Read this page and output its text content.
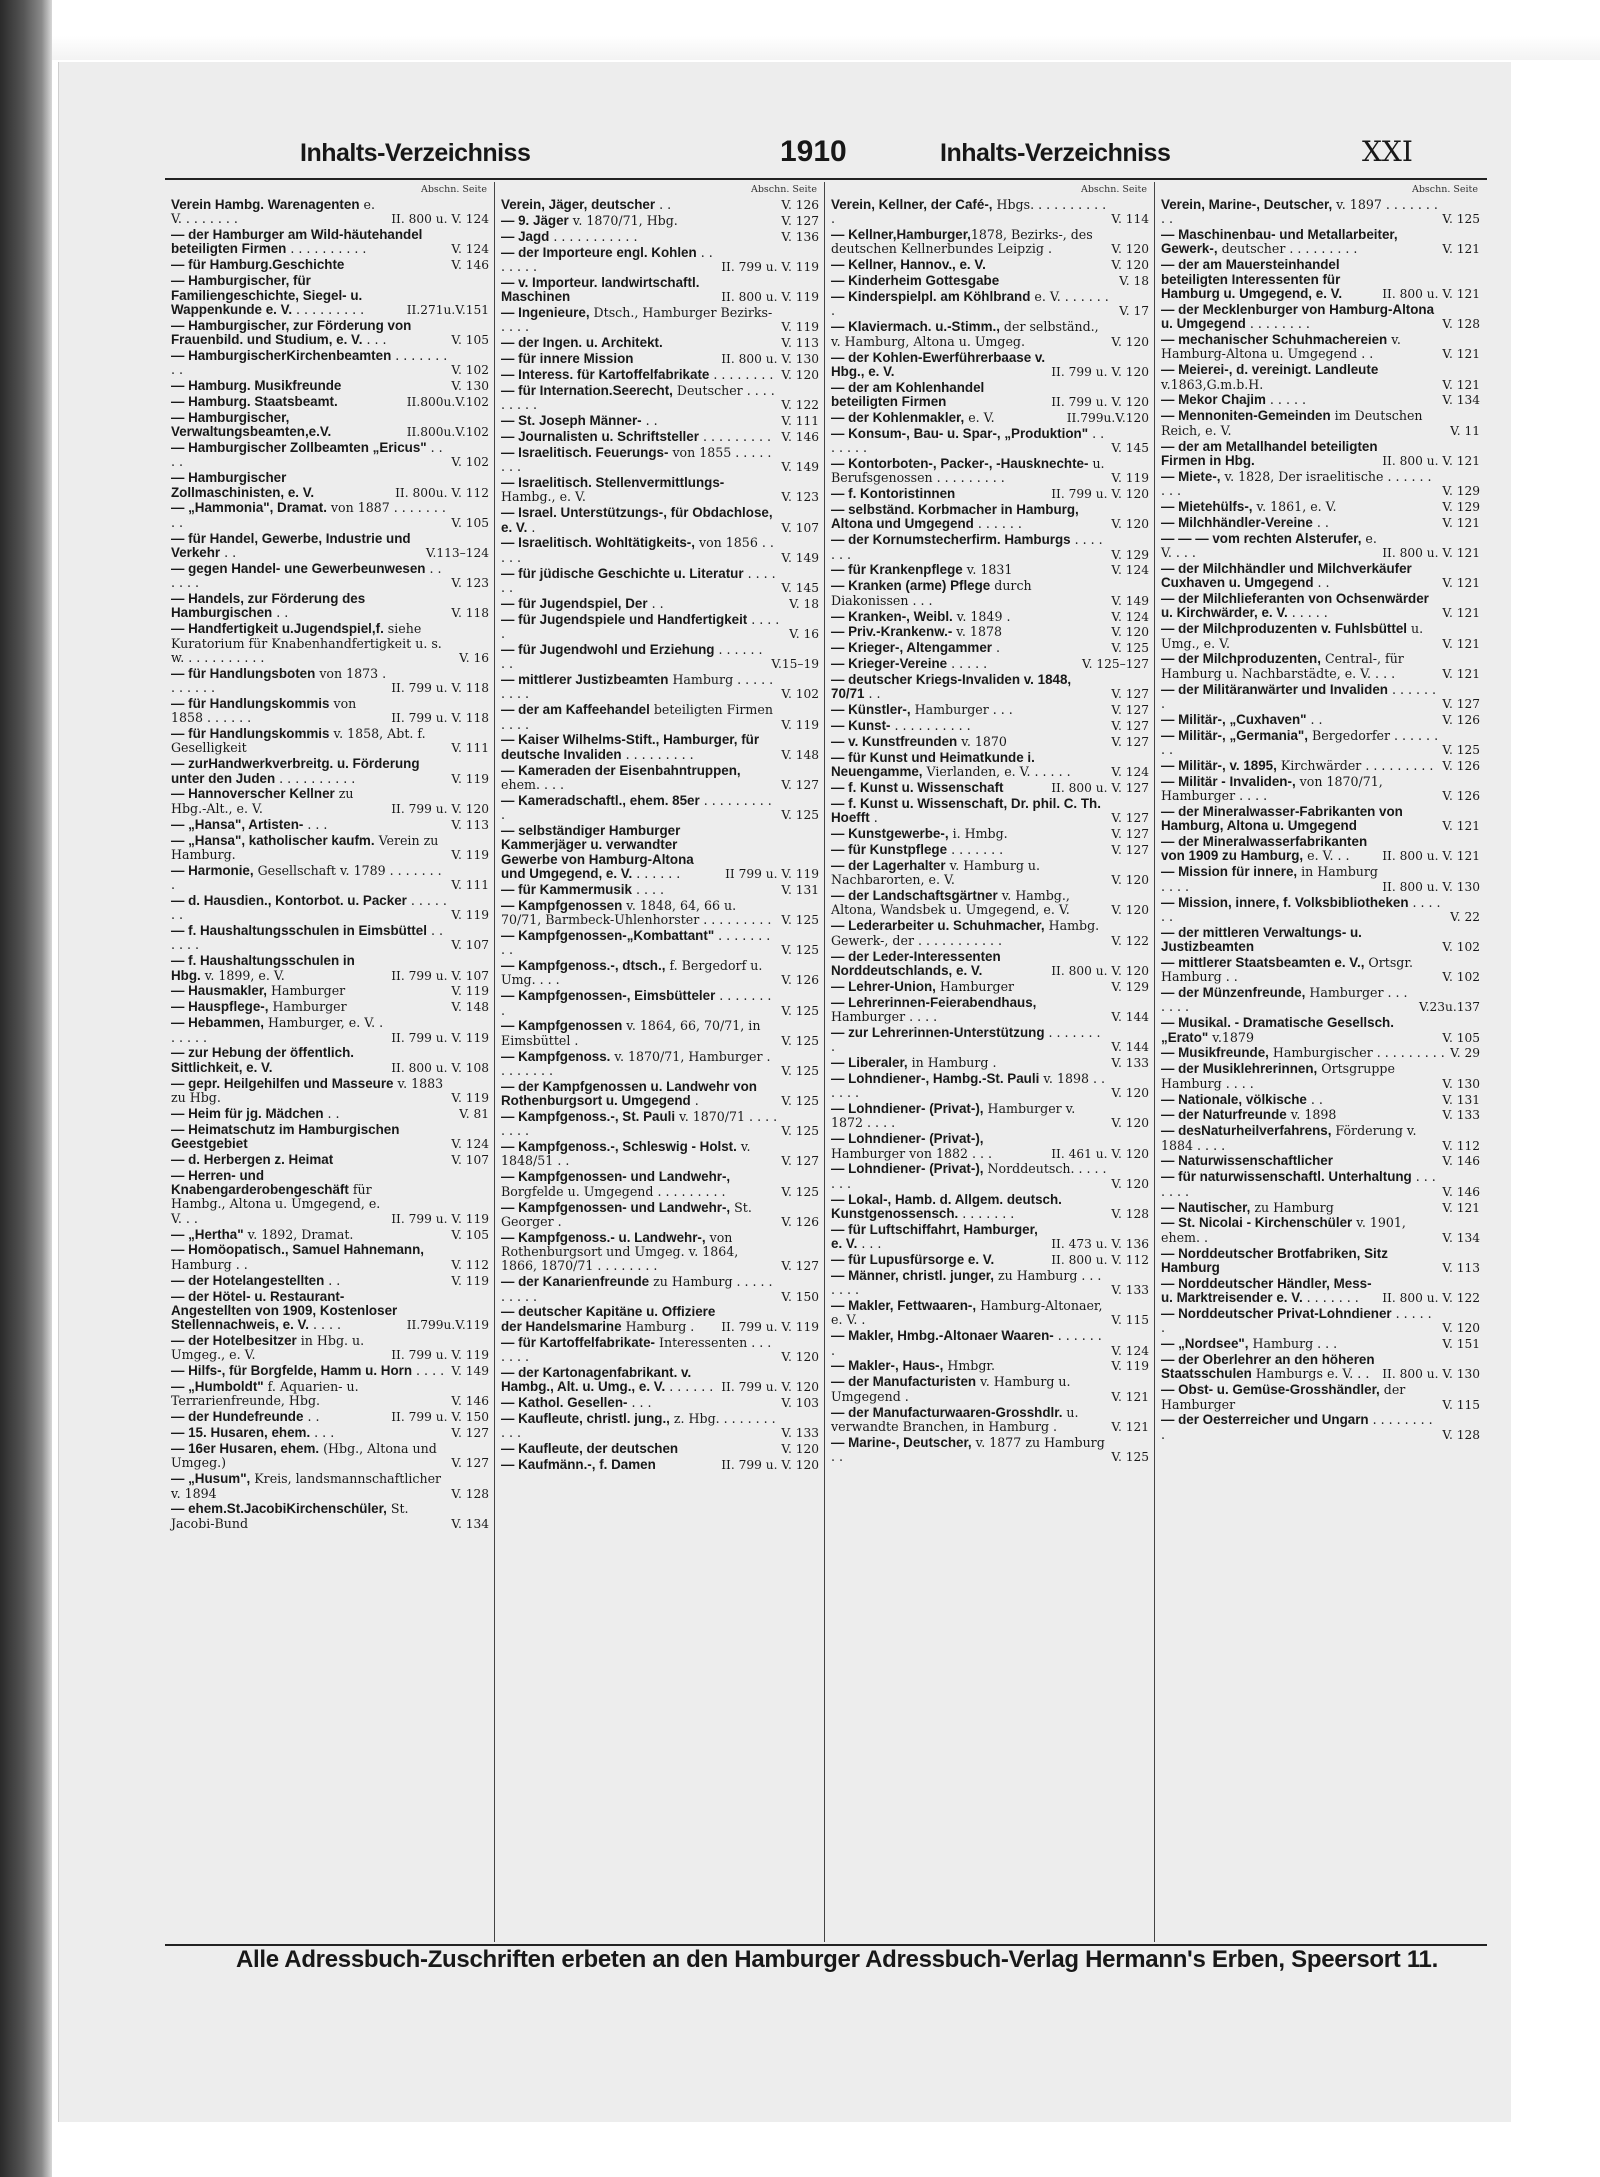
Inhalts-Verzeichniss	1910	Inhalts-Verzeichniss	XXI
Abschn. Seite
Verein Hambg. Warenagenten e. V. . . . . . . .	II. 800 u. V. 124
— der Hamburger am Wild-häutehandel beteiligten Firmen . . . . . . . . . .	V. 124
— für Hamburg.Geschichte	V. 146
— Hamburgischer, für Familiengeschichte, Siegel- u. Wappenkunde e. V. . . . . . . . . .	II.271u.V.151
— Hamburgischer, zur Förderung von Frauenbild. und Studium, e. V. . . .	V. 105
— HamburgischerKirchenbeamten . . . . . . . . .	V. 102
— Hamburg. Musikfreunde	V. 130
— Hamburg. Staatsbeamt.	II.800u.V.102
— Hamburgischer, Verwaltungsbeamten,e.V.	II.800u.V.102
— Hamburgischer Zollbeamten „Ericus" . . . .	V. 102
— Hamburgischer Zollmaschinisten, e. V.	II. 800u. V. 112
— „Hammonia", Dramat. von 1887 . . . . . . . . .	V. 105
— für Handel, Gewerbe, Industrie und Verkehr . .	V.113–124
— gegen Handel- une Gewerbeunwesen . . . . . .	V. 123
— Handels, zur Förderung des Hamburgischen . .	V. 118
— Handfertigkeit u.Jugendspiel,f. siehe Kuratorium für Knabenhandfertigkeit u. s. w. . . . . . . . . . .	V. 16
— für Handlungsboten von 1873 . . . . . . .	II. 799 u. V. 118
— für Handlungskommis von 1858 . . . . . .	II. 799 u. V. 118
— für Handlungskommis v. 1858, Abt. f. Geselligkeit	V. 111
— zurHandwerkverbreitg. u. Förderung unter den Juden . . . . . . . . . .	V. 119
— Hannoverscher Kellner zu Hbg.-Alt., e. V.	II. 799 u. V. 120
— „Hansa", Artisten- . . .	V. 113
— „Hansa", katholischer kaufm. Verein zu Hamburg.	V. 119
— Harmonie, Gesellschaft v. 1789 . . . . . . . .	V. 111
— d. Hausdien., Kontorbot. u. Packer . . . . . . .	V. 119
— f. Haushaltungsschulen in Eimsbüttel . . . . . .	V. 107
— f. Haushaltungsschulen in Hbg. v. 1899, e. V.	II. 799 u. V. 107
— Hausmakler, Hamburger	V. 119
— Hauspflege-, Hamburger	V. 148
— Hebammen, Hamburger, e. V. . . . . . .	II. 799 u. V. 119
— zur Hebung der öffentlich. Sittlichkeit, e. V.	II. 800 u. V. 108
— gepr. Heilgehilfen und Masseure v. 1883 zu Hbg.	V. 119
— Heim für jg. Mädchen . .	V. 81
— Heimatschutz im Hamburgischen Geestgebiet	V. 124
— d. Herbergen z. Heimat	V. 107
— Herren- und Knabengarderobengeschäft für Hambg., Altona u. Umgegend, e. V. . .	II. 799 u. V. 119
— „Hertha" v. 1892, Dramat.	V. 105
— Homöopatisch., Samuel Hahnemann, Hamburg . .	V. 112
— der Hotelangestellten . .	V. 119
— der Hötel- u. Restaurant-Angestellten von 1909, Kostenloser Stellennachweis, e. V. . . . .	II.799u.V.119
— der Hotelbesitzer in Hbg. u. Umgeg., e. V.	II. 799 u. V. 119
— Hilfs-, für Borgfelde, Hamm u. Horn . . . . V. 149
— „Humboldt" f. Aquarien- u. Terrarienfreunde, Hbg.	V. 146
— der Hundefreunde . .	II. 799 u. V. 150
— 15. Husaren, ehem. . . .	V. 127
— 16er Husaren, ehem. (Hbg., Altona und Umgeg.)	V. 127
— „Husum", Kreis, landsmannschaftlicher v. 1894	V. 128
— ehem.St.JacobiKirchenschüler, St. Jacobi-Bund	V. 134
Abschn. Seite
Verein, Jäger, deutscher . .	V. 126
— 9. Jäger v. 1870/71, Hbg.	V. 127
— Jagd . . . . . . . . . . .	V. 136
— der Importeure engl. Kohlen . . . . . . .	II. 799 u. V. 119
— v. Importeur. landwirtschaftl. Maschinen	II. 800 u. V. 119
— Ingenieure, Dtsch., Hamburger Bezirks- . . . .	V. 119
— der Ingen. u. Architekt.	V. 113
— für innere Mission	II. 800 u. V. 130
— Interess. für Kartoffelfabrikate . . . . . . . . V. 120
— für Internation.Seerecht, Deutscher . . . . . . . . .	V. 122
— St. Joseph Männer- . .	V. 111
— Journalisten u. Schriftsteller . . . . . . . . . V. 146
— Israelitisch. Feuerungs- von 1855 . . . . . . . .	V. 149
— Israelitisch. Stellenvermittlungs- Hambg., e. V.	V. 123
— Israel. Unterstützungs-, für Obdachlose, e. V. .	V. 107
— Israelitisch. Wohltätigkeits-, von 1856 . . . . .	V. 149
— für jüdische Geschichte u. Literatur . . . . . .	V. 145
— für Jugendspiel, Der . .	V. 18
— für Jugendspiele und Handfertigkeit . . . . .	V. 16
— für Jugendwohl und Erziehung . . . . . . . .	V.15–19
— mittlerer Justizbeamten Hamburg . . . . . . . . .	V. 102
— der am Kaffeehandel beteiligten Firmen . . . .	V. 119
— Kaiser Wilhelms-Stift., Hamburger, für deutsche Invaliden . . . . . . . . .	V. 148
— Kameraden der Eisenbahntruppen, ehem. . . .	V. 127
— Kameradschaftl., ehem. 85er . . . . . . . . . .	V. 125
— selbständiger Hamburger Kammerjäger u. verwandter Gewerbe von Hamburg-Altona und Umgegend, e. V. . . . . . .	II 799 u. V. 119
— für Kammermusik . . . .	V. 131
— Kampfgenossen v. 1848, 64, 66 u. 70/71, Barmbeck-Uhlenhorster . . . . . . . . . V. 125
— Kampfgenossen-„Kombattant" . . . . . . . . .	V. 125
— Kampfgenoss.-, dtsch., f. Bergedorf u. Umg. . . .	V. 126
— Kampfgenossen-, Eimsbütteler . . . . . . . .	V. 125
— Kampfgenossen v. 1864, 66, 70/71, in Eimsbüttel .	V. 125
— Kampfgenoss. v. 1870/71, Hamburger . . . . . . . .	V. 125
— der Kampfgenossen u. Landwehr von Rothenburgsort u. Umgegend .	V. 125
— Kampfgenoss.-, St. Pauli v. 1870/71 . . . . . . . .	V. 125
— Kampfgenoss.-, Schleswig - Holst. v. 1848/51 . .	V. 127
— Kampfgenossen- und Landwehr-, Borgfelde u. Umgegend . . . . . . . . .	V. 125
— Kampfgenossen- und Landwehr-, St. Georger .	V. 126
— Kampfgenoss.- u. Landwehr-, von Rothenburgsort und Umgeg. v. 1864, 1866, 1870/71 . . . . . . . .	V. 127
— der Kanarienfreunde zu Hamburg . . . . . . . . . .	V. 150
— deutscher Kapitäne u. Offiziere der Handelsmarine Hamburg .	II. 799 u. V. 119
— für Kartoffelfabrikate- Interessenten . . . . . . .	V. 120
— der Kartonagenfabrikant. v. Hambg., Alt. u. Umg., e. V. . . . . . . II. 799 u. V. 120
— Kathol. Gesellen- . . .	V. 103
— Kaufleute, christl. jung., z. Hbg. . . . . . . . . . .	V. 133
— Kaufleute, der deutschen	V. 120
— Kaufmänn.-, f. Damen	II. 799 u. V. 120
Abschn. Seite
Verein, Kellner, der Café-, Hbgs. . . . . . . . . . .	V. 114
— Kellner,Hamburger,1878, Bezirks-, des deutschen Kellnerbundes Leipzig .	V. 120
— Kellner, Hannov., e. V.	V. 120
— Kinderheim Gottesgabe	V. 18
— Kinderspielpl. am Köhlbrand e. V. . . . . . . .	V. 17
— Klaviermach. u.-Stimm., der selbständ., v. Hamburg, Altona u. Umgeg.	V. 120
— der Kohlen-Ewerführerbaase v. Hbg., e. V.	II. 799 u. V. 120
— der am Kohlenhandel beteiligten Firmen	II. 799 u. V. 120
— der Kohlenmakler, e. V.	II.799u.V.120
— Konsum-, Bau- u. Spar-, „Produktion" . . . . . . .	V. 145
— Kontorboten-, Packer-, -Hausknechte- u. Berufsgenossen . . . . . . . . .	V. 119
— f. Kontoristinnen	II. 799 u. V. 120
— selbständ. Korbmacher in Hamburg, Altona und Umgegend . . . . . .	V. 120
— der Kornumstecherfirm. Hamburgs . . . . . . .	V. 129
— für Krankenpflege v. 1831	V. 124
— Kranken (arme) Pflege durch Diakonissen . . .	V. 149
— Kranken-, Weibl. v. 1849 .	V. 124
— Priv.-Krankenw.- v. 1878	V. 120
— Krieger-, Altengammer .	V. 125
— Krieger-Vereine . . . . .	V. 125–127
— deutscher Kriegs-Invaliden v. 1848, 70/71 . .	V. 127
— Künstler-, Hamburger . . .	V. 127
— Kunst- . . . . . . . . . .	V. 127
— v. Kunstfreunden v. 1870	V. 127
— für Kunst und Heimatkunde i. Neuengamme, Vierlanden, e. V. . . . . .	V. 124
— f. Kunst u. Wissenschaft	II. 800 u. V. 127
— f. Kunst u. Wissenschaft, Dr. phil. C. Th. Hoefft .	V. 127
— Kunstgewerbe-, i. Hmbg.	V. 127
— für Kunstpflege . . . . . . .	V. 127
— der Lagerhalter v. Hamburg u. Nachbarorten, e. V.	V. 120
— der Landschaftsgärtner v. Hambg., Altona, Wandsbek u. Umgegend, e. V.	V. 120
— Lederarbeiter u. Schuhmacher, Hambg. Gewerk-, der . . . . . . . . . . .	V. 122
— der Leder-Interessenten Norddeutschlands, e. V.	II. 800 u. V. 120
— Lehrer-Union, Hamburger	V. 129
— Lehrerinnen-Feierabendhaus, Hamburger . . . .	V. 144
— zur Lehrerinnen-Unterstützung . . . . . . . .	V. 144
— Liberaler, in Hamburg .	V. 133
— Lohndiener-, Hambg.-St. Pauli v. 1898 . . . . . .	V. 120
— Lohndiener- (Privat-), Hamburger v. 1872 . . . .	V. 120
— Lohndiener- (Privat-), Hamburger von 1882 . . .	II. 461 u. V. 120
— Lohndiener- (Privat-), Norddeutsch. . . . . . . .	V. 120
— Lokal-, Hamb. d. Allgem. deutsch. Kunstgenossensch. . . . . . . .	V. 128
— für Luftschiffahrt, Hamburger, e. V. . . .	II. 473 u. V. 136
— für Lupusfürsorge e. V.	II. 800 u. V. 112
— Männer, christl. junger, zu Hamburg . . . . . . .	V. 133
— Makler, Fettwaaren-, Hamburg-Altonaer, e. V. .	V. 115
— Makler, Hmbg.-Altonaer Waaren- . . . . . . .	V. 124
— Makler-, Haus-, Hmbgr.	V. 119
— der Manufacturisten v. Hamburg u. Umgegend .	V. 121
— der Manufacturwaaren-Grosshdlr. u. verwandte Branchen, in Hamburg .	V. 121
— Marine-, Deutscher, v. 1877 zu Hamburg . .	V. 125
Abschn. Seite
Verein, Marine-, Deutscher, v. 1897 . . . . . . . . .	V. 125
— Maschinenbau- und Metallarbeiter, Gewerk-, deutscher . . . . . . . . .	V. 121
— der am Mauersteinhandel beteiligten Interessenten für Hamburg u. Umgegend, e. V.	II. 800 u. V. 121
— der Mecklenburger von Hamburg-Altona u. Umgegend . . . . . . . .	V. 128
— mechanischer Schuhmachereien v. Hamburg-Altona u. Umgegend . .	V. 121
— Meierei-, d. vereinigt. Landleute v.1863,G.m.b.H.	V. 121
— Mekor Chajim . . . . .	V. 134
— Mennoniten-Gemeinden im Deutschen Reich, e. V.	V. 11
— der am Metallhandel beteiligten Firmen in Hbg.	II. 800 u. V. 121
— Miete-, v. 1828, Der israelitische . . . . . . . . .	V. 129
— Mietehülfs-, v. 1861, e. V.	V. 129
— Milchhändler-Vereine . .	V. 121
— — — vom rechten Alsterufer, e. V. . . .	II. 800 u. V. 121
— der Milchhändler und Milchverkäufer Cuxhaven u. Umgegend . .	V. 121
— der Milchlieferanten von Ochsenwärder u. Kirchwärder, e. V. . . . . .	V. 121
— der Milchproduzenten v. Fuhlsbüttel u. Umg., e. V.	V. 121
— der Milchproduzenten, Central-, für Hamburg u. Nachbarstädte, e. V. . . .	V. 121
— der Militäranwärter und Invaliden . . . . . . .	V. 127
— Militär-, „Cuxhaven" . .	V. 126
— Militär-, „Germania", Bergedorfer . . . . . . . .	V. 125
— Militär-, v. 1895, Kirchwärder . . . . . . . . . V. 126
— Militär - Invaliden-, von 1870/71, Hamburger . . . .	V. 126
— der Mineralwasser-Fabrikanten von Hamburg, Altona u. Umgegend	V. 121
— der Mineralwasserfabrikanten von 1909 zu Hamburg, e. V. . .	II. 800 u. V. 121
— Mission für innere, in Hamburg . . . .	II. 800 u. V. 130
— Mission, innere, f. Volksbibliotheken . . . . . .	V. 22
— der mittleren Verwaltungs- u. Justizbeamten	V. 102
— mittlerer Staatsbeamten e. V., Ortsgr. Hamburg . .	V. 102
— der Münzenfreunde, Hamburger . . . . . . .	V.23u.137
— Musikal. - Dramatische Gesellsch. „Erato" v.1879	V. 105
— Musikfreunde, Hamburgischer . . . . . . . . . V. 29
— der Musiklehrerinnen, Ortsgruppe Hamburg . . . .	V. 130
— Nationale, völkische . .	V. 131
— der Naturfreunde v. 1898	V. 133
— desNaturheilverfahrens, Förderung v. 1884 . . . .	V. 112
— Naturwissenschaftlicher	V. 146
— für naturwissenschaftl. Unterhaltung . . . . . . .	V. 146
— Nautischer, zu Hamburg	V. 121
— St. Nicolai - Kirchenschüler v. 1901, ehem. .	V. 134
— Norddeutscher Brotfabriken, Sitz Hamburg	V. 113
— Norddeutscher Händler, Mess- u. Marktreisender e. V. . . . . . . .	II. 800 u. V. 122
— Norddeutscher Privat-Lohndiener . . . . . .	V. 120
— „Nordsee", Hamburg . . .	V. 151
— der Oberlehrer an den höheren Staatsschulen Hamburgs e. V. . .	II. 800 u. V. 130
— Obst- u. Gemüse-Grosshändler, der Hamburger	V. 115
— der Oesterreicher und Ungarn . . . . . . . . .	V. 128
Alle Adressbuch-Zuschriften erbeten an den Hamburger Adressbuch-Verlag Hermann's Erben, Speersort 11.
